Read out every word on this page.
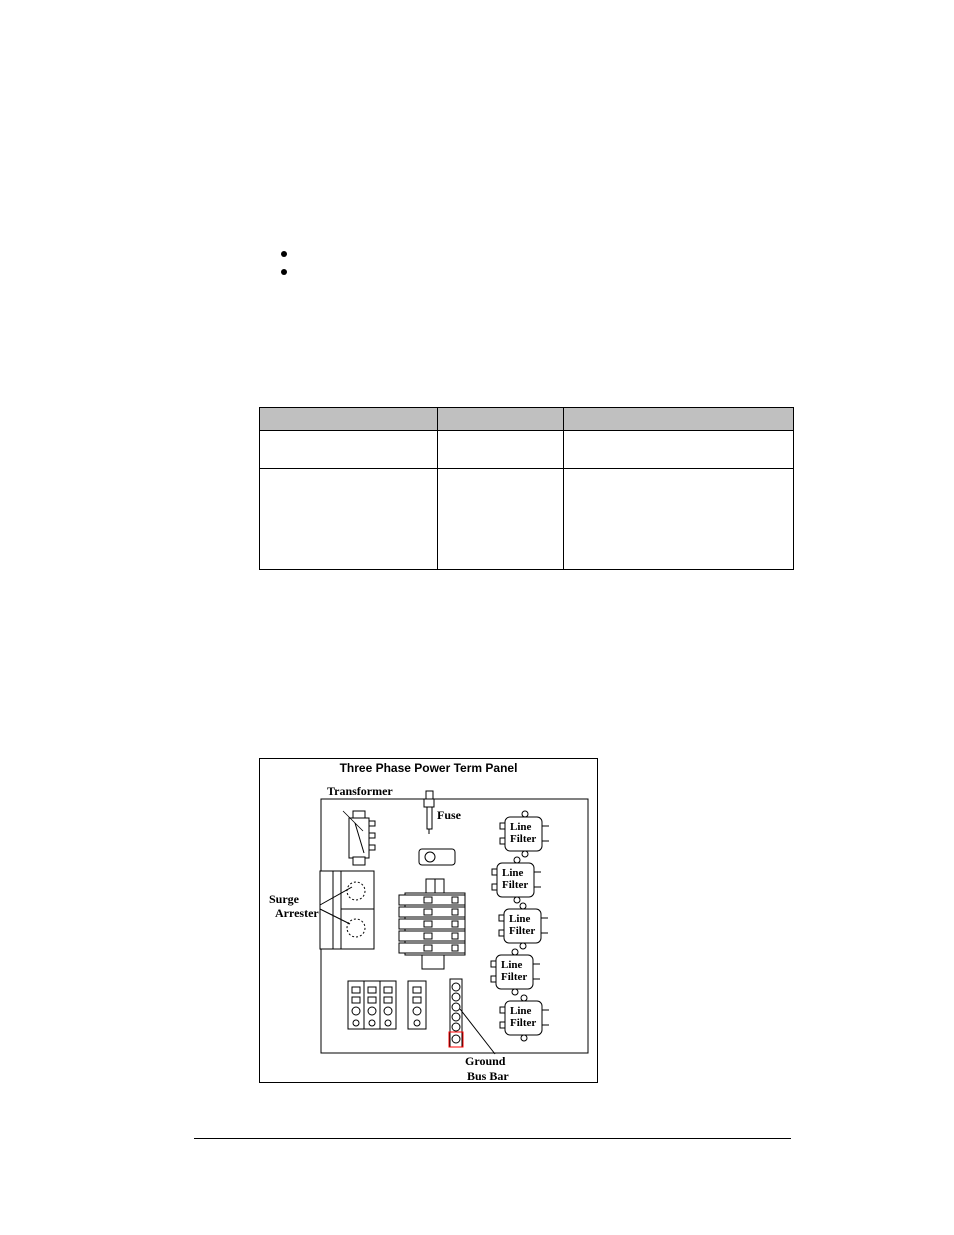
Three Phase Power Term Panel
Line
Filter
Line
Filter
Line
Filter
Line
Filter
Line
Filter
Transformer
Fuse
Surge
Arrester
Ground
Bus Bar
